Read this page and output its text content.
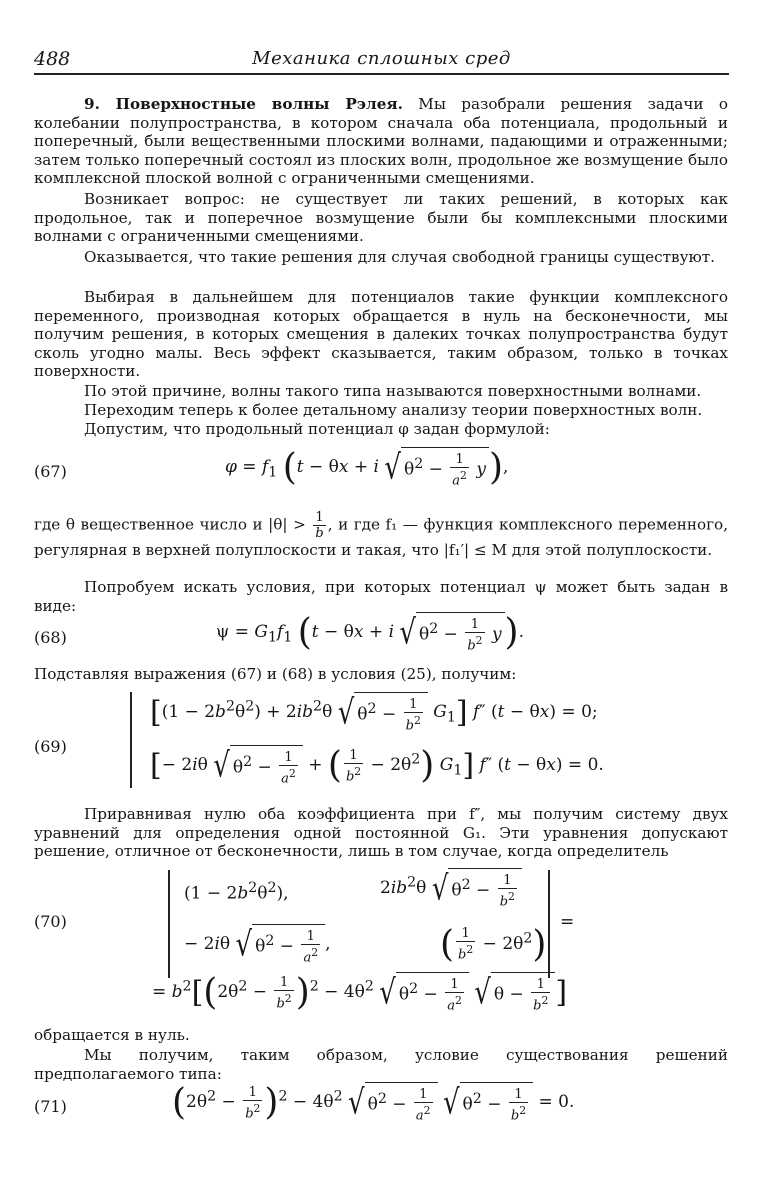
488	Механика сплошных сред
9. Поверхностные волны Рэлея. Мы разобрали решения задачи о колебании полупространства, в котором сначала оба потенциала, продольный и поперечный, были вещественными плоскими волнами, падающими и отраженными; затем только поперечный состоял из плоских волн, продольное же возмущение было комплексной плоской волной с ограниченными смещениями.
Возникает вопрос: не существует ли таких решений, в которых как продольное, так и поперечное возмущение были бы комплексными плоскими волнами с ограниченными смещениями.
Оказывается, что такие решения для случая свободной границы существуют.
Выбирая в дальнейшем для потенциалов такие функции комплексного переменного, производная которых обращается в нуль на бесконечности, мы получим решения, в которых смещения в далеких точках полупространства будут сколь угодно малы. Весь эффект сказывается, таким образом, только в точках поверхности.
По этой причине, волны такого типа называются поверхностными волнами.
Переходим теперь к более детальному анализу теории поверхностных волн.
Допустим, что продольный потенциал φ задан формулой:
(67)	$\varphi = f_1$ (t − θx + i √ $\theta^2 - \frac{1}{a^2} y$),
где θ вещественное число и $|\theta| > \frac{1}{b}$ , и где f₁ — функция комплексного переменного, регулярная в верхней полуплоскости и такая, что |f₁′| ≤ M для этой полуплоскости.
Попробуем искать условия, при которых потенциал ψ может быть задан в виде:
(68)	$\psi = G_1f_1$ (t − θx + i √ $\theta^2 - \frac{1}{b^2} y$).
Подставляя выражения (67) и (68) в условия (25), получим:
(69)
[$(1 - 2b^2\theta^2) + 2ib^2\theta$ √ $\theta^2 - \frac{1}{b^2} G_1$] f″ (t − θx) = 0;
[− 2iθ √ $\theta^2 - \frac{1}{a^2}$ + ( $\frac{1}{b^2} - 2\theta^2$) $G_1$] f″ (t − θx) = 0.
Приравнивая нулю оба коэффициента при f″, мы получим систему двух уравнений для определения одной постоянной G₁. Эти уравнения допускают решение, отличное от бесконечности, лишь в том случае, когда определитель
(70)
$(1 - 2b^2\theta^2)$,	$2ib^2\theta$ √ $\theta^2 - \frac{1}{b^2}$
− 2iθ √ $\theta^2 - \frac{1}{a^2}$ ,	( $\frac{1}{b^2} - 2\theta^2$)
=
= $b^2[(2\theta^2 - \frac{1}{b^2} )^2 - 4\theta^2$ √ $\theta^2 - \frac{1}{a^2}$ √ $\theta - \frac{1}{b^2}$ ]
обращается в нуль.
Мы получим, таким образом, условие существования решений предполагаемого типа:
(71)	$(2\theta^2 - \frac{1}{b^2} )^2 - 4\theta^2$ √ $\theta^2 - \frac{1}{a^2}$ √ $\theta^2 - \frac{1}{b^2} = 0$.
